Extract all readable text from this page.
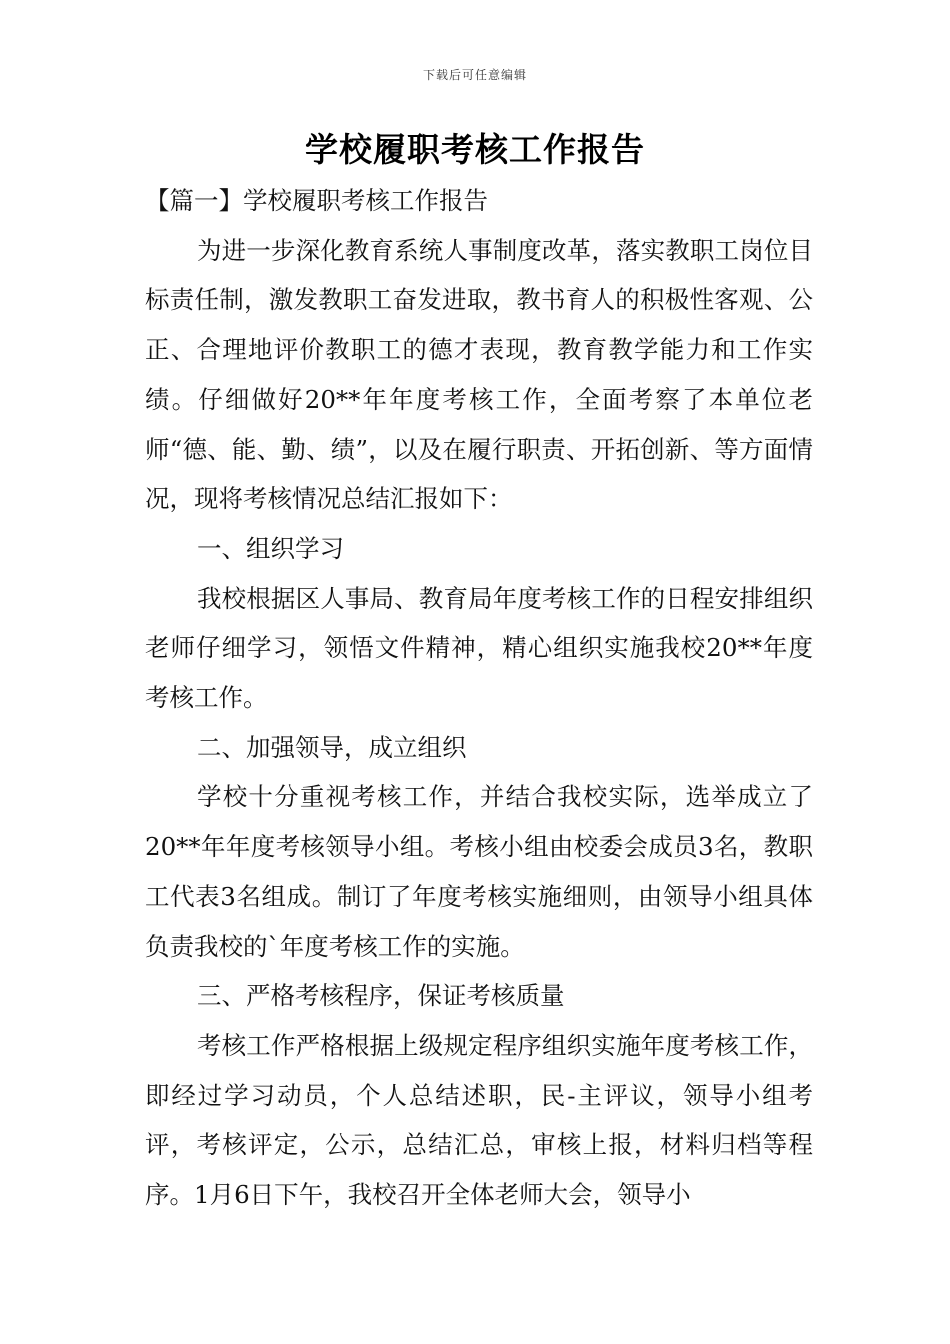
下载后可任意编辑
学校履职考核工作报告

【篇一】学校履职考核工作报告

为进一步深化教育系统人事制度改革，落实教职工岗位目标责任制，激发教职工奋发进取，教书育人的积极性客观、公正、合理地评价教职工的德才表现，教育教学能力和工作实绩。仔细做好20**年年度考核工作，全面考察了本单位老师“德、能、勤、绩”，以及在履行职责、开拓创新、等方面情况，现将考核情况总结汇报如下：

一、组织学习

我校根据区人事局、教育局年度考核工作的日程安排组织老师仔细学习，领悟文件精神，精心组织实施我校20**年度考核工作。

二、加强领导，成立组织

学校十分重视考核工作，并结合我校实际，选举成立了20**年年度考核领导小组。考核小组由校委会成员3名，教职工代表3名组成。制订了年度考核实施细则，由领导小组具体负责我校的`年度考核工作的实施。

三、严格考核程序，保证考核质量

考核工作严格根据上级规定程序组织实施年度考核工作，即经过学习动员，个人总结述职，民-主评议，领导小组考评，考核评定，公示，总结汇总，审核上报，材料归档等程序。1月6日下午，我校召开全体老师大会，领导小
